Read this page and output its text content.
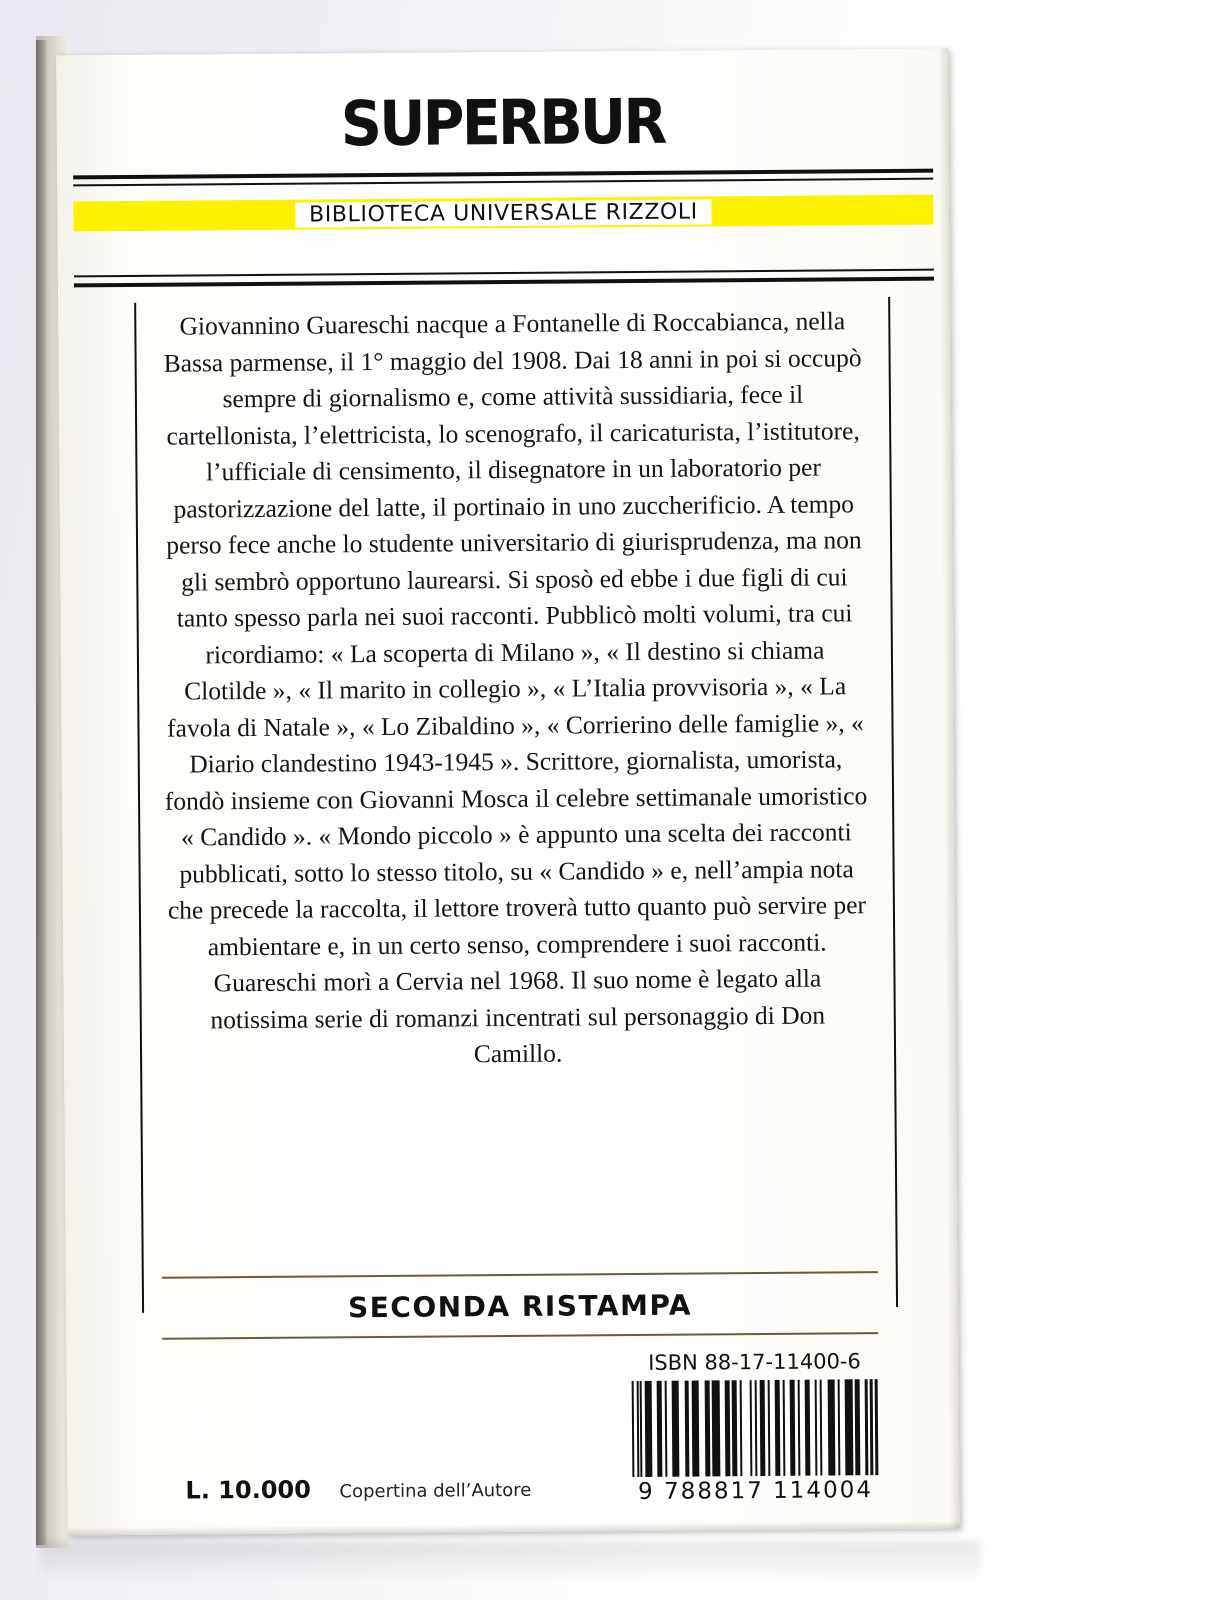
SUPERBUR
BIBLIOTECA UNIVERSALE RIZZOLI
Giovannino Guareschi nacque a Fontanelle di Roccabianca, nella Bassa parmense, il 1° maggio del 1908. Dai 18 anni in poi si occupò sempre di giornalismo e, come attività sussidiaria, fece il cartellonista, l’elettricista, lo scenografo, il caricaturista, l’istitutore, l’ufficiale di censimento, il disegnatore in un laboratorio per pastorizzazione del latte, il portinaio in uno zuccherificio. A tempo perso fece anche lo studente universitario di giurisprudenza, ma non gli sembrò opportuno laurearsi. Si sposò ed ebbe i due figli di cui tanto spesso parla nei suoi racconti. Pubblicò molti volumi, tra cui ricordiamo: « La scoperta di Milano », « Il destino si chiama Clotilde », « Il marito in collegio », « L’Italia provvisoria », « La favola di Natale », « Lo Zibaldino », « Corrierino delle famiglie », « Diario clandestino 1943-1945 ». Scrittore, giornalista, umorista, fondò insieme con Giovanni Mosca il celebre settimanale umoristico « Candido ». « Mondo piccolo » è appunto una scelta dei racconti pubblicati, sotto lo stesso titolo, su « Candido » e, nell’ampia nota che precede la raccolta, il lettore troverà tutto quanto può servire per ambientare e, in un certo senso, comprendere i suoi racconti. Guareschi morì a Cervia nel 1968. Il suo nome è legato alla notissima serie di romanzi incentrati sul personaggio di Don Camillo.
SECONDA RISTAMPA
ISBN 88-17-11400-6
9 788817 114004
L. 10.000 Copertina dell’Autore
